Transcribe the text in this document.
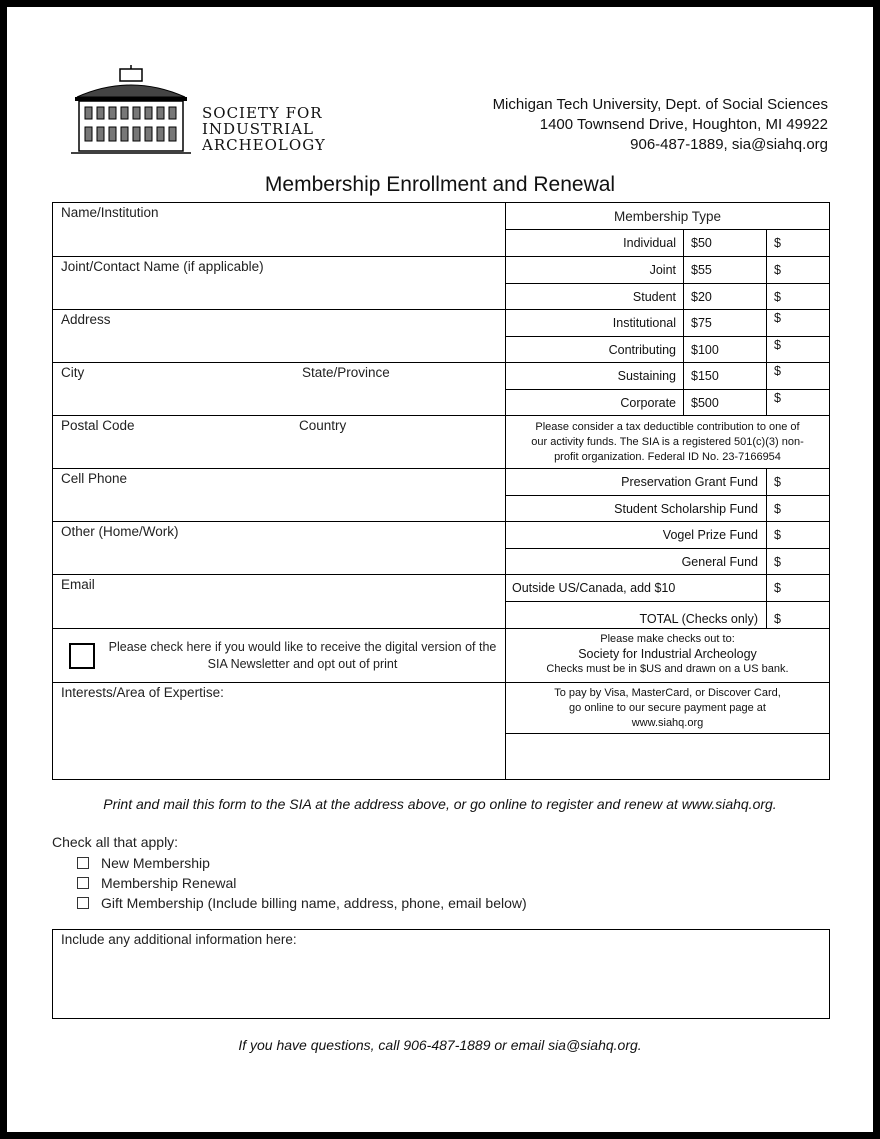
SOCIETY FOR
INDUSTRIAL
ARCHEOLOGY
Michigan Tech University, Dept. of Social Sciences
1400 Townsend Drive, Houghton, MI 49922
906-487-1889, sia@siahq.org
Membership Enrollment and Renewal
Name/Institution
Joint/Contact Name (if applicable)
Address
City	State/Province
Postal Code	Country
Cell Phone
Other (Home/Work)
Email
Please check here if you would like to receive the digital version of the SIA Newsletter and opt out of print
Interests/Area of Expertise:
Membership Type
Individual $50	$
Joint $55	$
Student $20	$
Institutional $75	$
Contributing $100	$
Sustaining $150	$
Corporate $500	$
Please consider a tax deductible contribution to one of
our activity funds. The SIA is a registered 501(c)(3) non-
profit organization. Federal ID No. 23-7166954
Preservation Grant Fund $
Student Scholarship Fund $
Vogel Prize Fund $
General Fund $
Outside US/Canada, add $10	$
TOTAL (Checks only) $
Please make checks out to:
Society for Industrial Archeology
Checks must be in $US and drawn on a US bank.
To pay by Visa, MasterCard, or Discover Card,
go online to our secure payment page at
www.siahq.org
Print and mail this form to the SIA at the address above, or go online to register and renew at www.siahq.org.
Check all that apply:
New Membership
Membership Renewal
Gift Membership (Include billing name, address, phone, email below)
Include any additional information here:
If you have questions, call 906-487-1889 or email sia@siahq.org.
